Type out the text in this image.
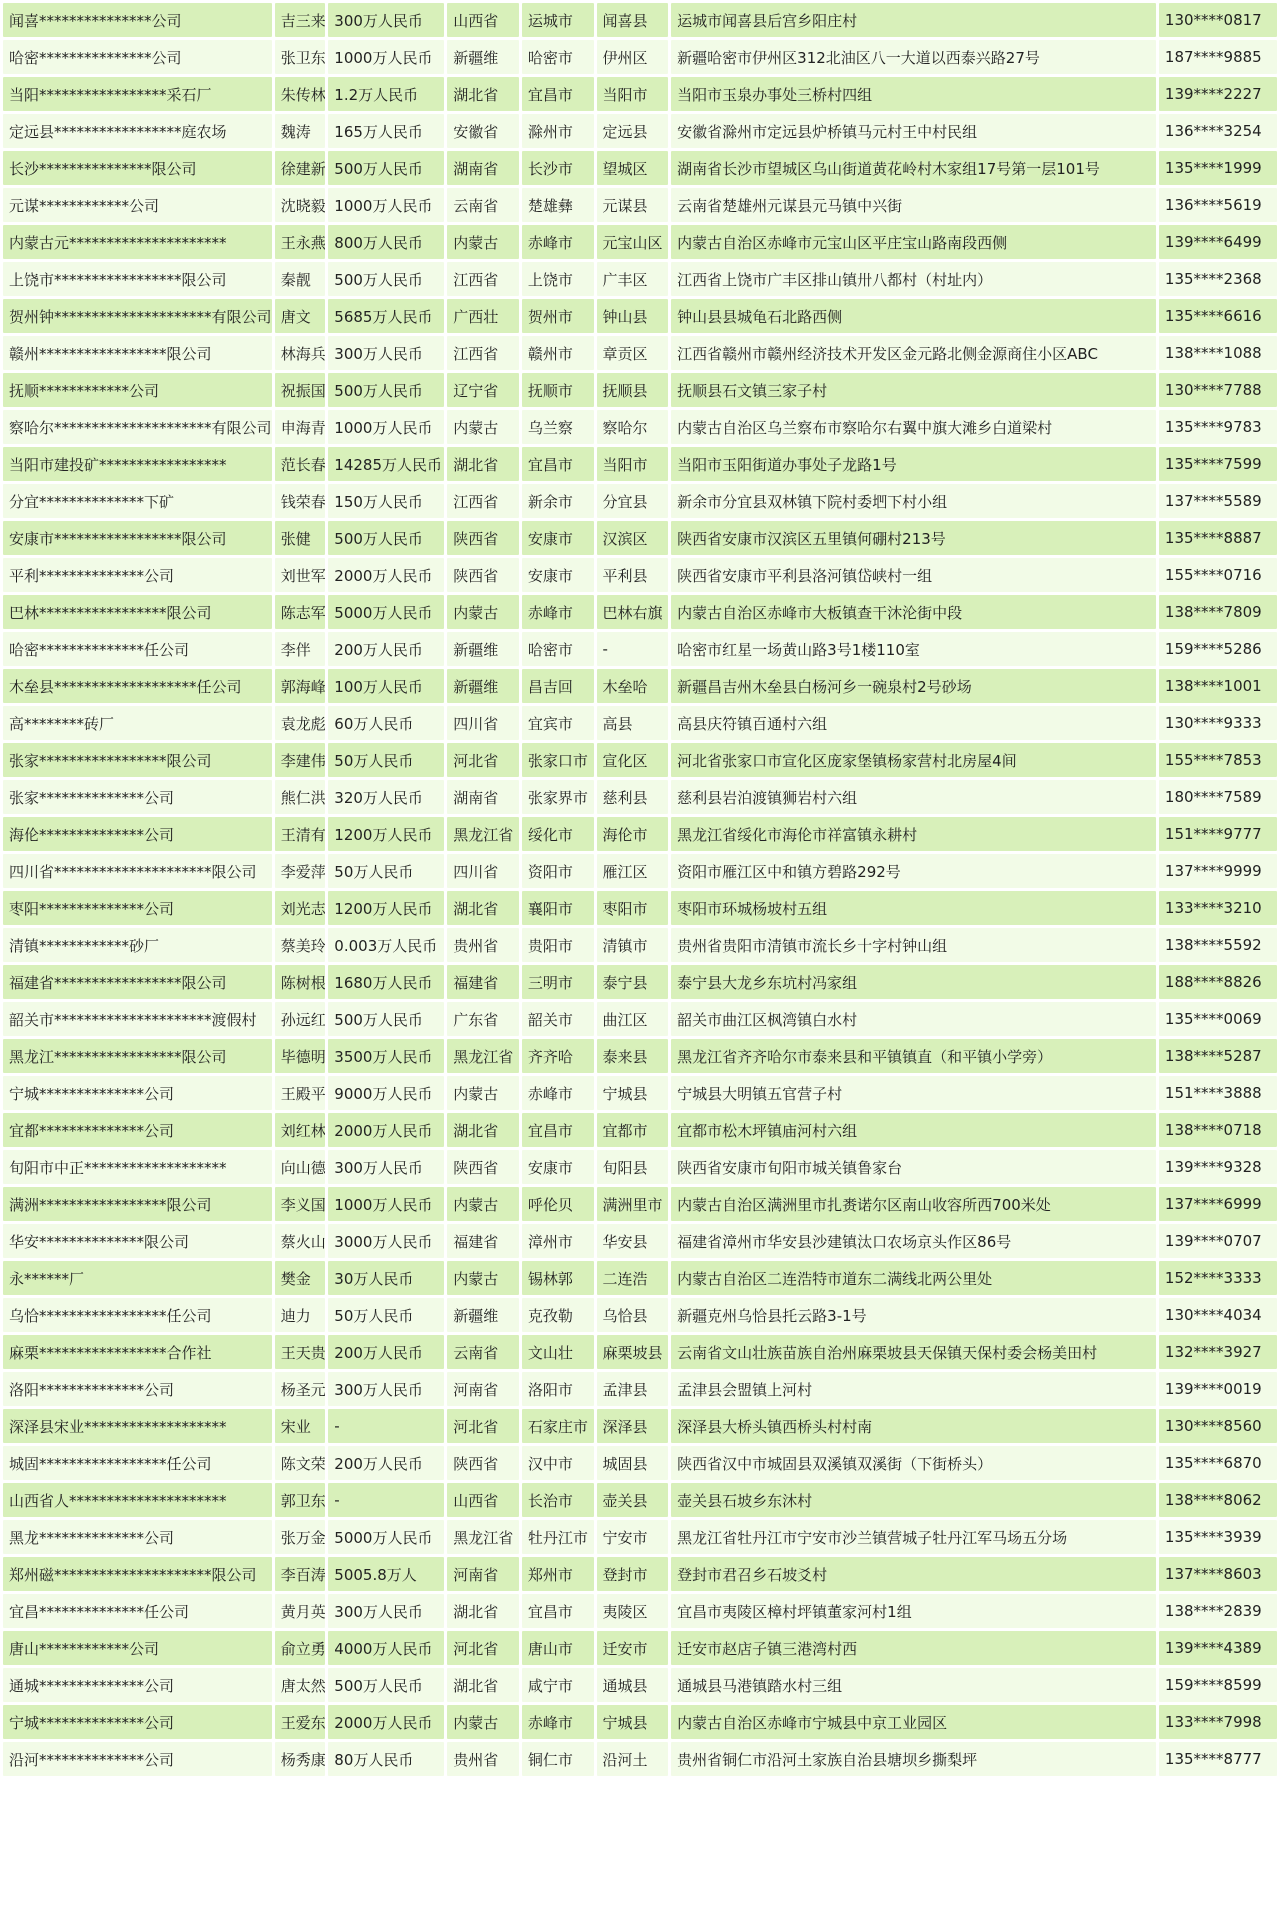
闻喜***************公司	吉三来	300万人民币	山西省	运城市	闻喜县	运城市闻喜县后宫乡阳庄村	130****0817
哈密***************公司	张卫东	1000万人民币	新疆维	哈密市	伊州区	新疆哈密市伊州区312北油区八一大道以西泰兴路27号	187****9885
当阳*****************采石厂	朱传林	1.2万人民币	湖北省	宜昌市	当阳市	当阳市玉泉办事处三桥村四组	139****2227
定远县*****************庭农场	魏涛	165万人民币	安徽省	滁州市	定远县	安徽省滁州市定远县炉桥镇马元村王中村民组	136****3254
长沙***************限公司	徐建新	500万人民币	湖南省	长沙市	望城区	湖南省长沙市望城区乌山街道黄花岭村木家组17号第一层101号	135****1999
元谋************公司	沈晓毅	1000万人民币	云南省	楚雄彝	元谋县	云南省楚雄州元谋县元马镇中兴街	136****5619
内蒙古元*********************	王永燕	800万人民币	内蒙古	赤峰市	元宝山区	内蒙古自治区赤峰市元宝山区平庄宝山路南段西侧	139****6499
上饶市*****************限公司	秦靓	500万人民币	江西省	上饶市	广丰区	江西省上饶市广丰区排山镇卅八都村（村址内）	135****2368
贺州钟*********************有限公司	唐文	5685万人民币	广西壮	贺州市	钟山县	钟山县县城龟石北路西侧	135****6616
赣州*****************限公司	林海兵	300万人民币	江西省	赣州市	章贡区	江西省赣州市赣州经济技术开发区金元路北侧金源商住小区ABC	138****1088
抚顺************公司	祝振国	500万人民币	辽宁省	抚顺市	抚顺县	抚顺县石文镇三家子村	130****7788
察哈尔*********************有限公司	申海青	1000万人民币	内蒙古	乌兰察	察哈尔	内蒙古自治区乌兰察布市察哈尔右翼中旗大滩乡白道梁村	135****9783
当阳市建投矿*****************	范长春	14285万人民币	湖北省	宜昌市	当阳市	当阳市玉阳街道办事处子龙路1号	135****7599
分宜**************下矿	钱荣春	150万人民币	江西省	新余市	分宜县	新余市分宜县双林镇下院村委垇下村小组	137****5589
安康市*****************限公司	张健	500万人民币	陕西省	安康市	汉滨区	陕西省安康市汉滨区五里镇何硼村213号	135****8887
平利**************公司	刘世军	2000万人民币	陕西省	安康市	平利县	陕西省安康市平利县洛河镇岱峡村一组	155****0716
巴林*****************限公司	陈志军	5000万人民币	内蒙古	赤峰市	巴林右旗	内蒙古自治区赤峰市大板镇查干沐沦街中段	138****7809
哈密**************任公司	李伴	200万人民币	新疆维	哈密市	-	哈密市红星一场黄山路3号1楼110室	159****5286
木垒县*******************任公司	郭海峰	100万人民币	新疆维	昌吉回	木垒哈	新疆昌吉州木垒县白杨河乡一碗泉村2号砂场	138****1001
高********砖厂	袁龙彪	60万人民币	四川省	宜宾市	高县	高县庆符镇百通村六组	130****9333
张家*****************限公司	李建伟	50万人民币	河北省	张家口市	宣化区	河北省张家口市宣化区庞家堡镇杨家营村北房屋4间	155****7853
张家**************公司	熊仁洪	320万人民币	湖南省	张家界市	慈利县	慈利县岩泊渡镇狮岩村六组	180****7589
海伦**************公司	王清有	1200万人民币	黑龙江省	绥化市	海伦市	黑龙江省绥化市海伦市祥富镇永耕村	151****9777
四川省*********************限公司	李爱萍	50万人民币	四川省	资阳市	雁江区	资阳市雁江区中和镇方碧路292号	137****9999
枣阳**************公司	刘光志	1200万人民币	湖北省	襄阳市	枣阳市	枣阳市环城杨坡村五组	133****3210
清镇************砂厂	蔡美玲	0.003万人民币	贵州省	贵阳市	清镇市	贵州省贵阳市清镇市流长乡十字村钟山组	138****5592
福建省*****************限公司	陈树根	1680万人民币	福建省	三明市	泰宁县	泰宁县大龙乡东坑村冯家组	188****8826
韶关市*********************渡假村	孙远红	500万人民币	广东省	韶关市	曲江区	韶关市曲江区枫湾镇白水村	135****0069
黑龙江*****************限公司	毕德明	3500万人民币	黑龙江省	齐齐哈	泰来县	黑龙江省齐齐哈尔市泰来县和平镇镇直（和平镇小学旁）	138****5287
宁城**************公司	王殿平	9000万人民币	内蒙古	赤峰市	宁城县	宁城县大明镇五官营子村	151****3888
宜都**************公司	刘红林	2000万人民币	湖北省	宜昌市	宜都市	宜都市松木坪镇庙河村六组	138****0718
旬阳市中正*******************	向山德	300万人民币	陕西省	安康市	旬阳县	陕西省安康市旬阳市城关镇鲁家台	139****9328
满洲*****************限公司	李义国	1000万人民币	内蒙古	呼伦贝	满洲里市	内蒙古自治区满洲里市扎赉诺尔区南山收容所西700米处	137****6999
华安**************限公司	蔡火山	3000万人民币	福建省	漳州市	华安县	福建省漳州市华安县沙建镇汰口农场京头作区86号	139****0707
永******厂	樊金	30万人民币	内蒙古	锡林郭	二连浩	内蒙古自治区二连浩特市道东二满线北两公里处	152****3333
乌恰*****************任公司	迪力	50万人民币	新疆维	克孜勒	乌恰县	新疆克州乌恰县托云路3-1号	130****4034
麻栗*****************合作社	王天贵	200万人民币	云南省	文山壮	麻栗坡县	云南省文山壮族苗族自治州麻栗坡县天保镇天保村委会杨美田村	132****3927
洛阳**************公司	杨圣元	300万人民币	河南省	洛阳市	孟津县	孟津县会盟镇上河村	139****0019
深泽县宋业*******************	宋业	-	河北省	石家庄市	深泽县	深泽县大桥头镇西桥头村村南	130****8560
城固*****************任公司	陈文荣	200万人民币	陕西省	汉中市	城固县	陕西省汉中市城固县双溪镇双溪街（下街桥头）	135****6870
山西省人*********************	郭卫东	-	山西省	长治市	壶关县	壶关县石坡乡东沐村	138****8062
黑龙**************公司	张万金	5000万人民币	黑龙江省	牡丹江市	宁安市	黑龙江省牡丹江市宁安市沙兰镇营城子牡丹江军马场五分场	135****3939
郑州磁*********************限公司	李百涛	5005.8万人	河南省	郑州市	登封市	登封市君召乡石坡爻村	137****8603
宜昌**************任公司	黄月英	300万人民币	湖北省	宜昌市	夷陵区	宜昌市夷陵区樟村坪镇董家河村1组	138****2839
唐山************公司	俞立勇	4000万人民币	河北省	唐山市	迁安市	迁安市赵店子镇三港湾村西	139****4389
通城**************公司	唐太然	500万人民币	湖北省	咸宁市	通城县	通城县马港镇踏水村三组	159****8599
宁城**************公司	王爱东	2000万人民币	内蒙古	赤峰市	宁城县	内蒙古自治区赤峰市宁城县中京工业园区	133****7998
沿河**************公司	杨秀康	80万人民币	贵州省	铜仁市	沿河土	贵州省铜仁市沿河土家族自治县塘坝乡撕梨坪	135****8777
